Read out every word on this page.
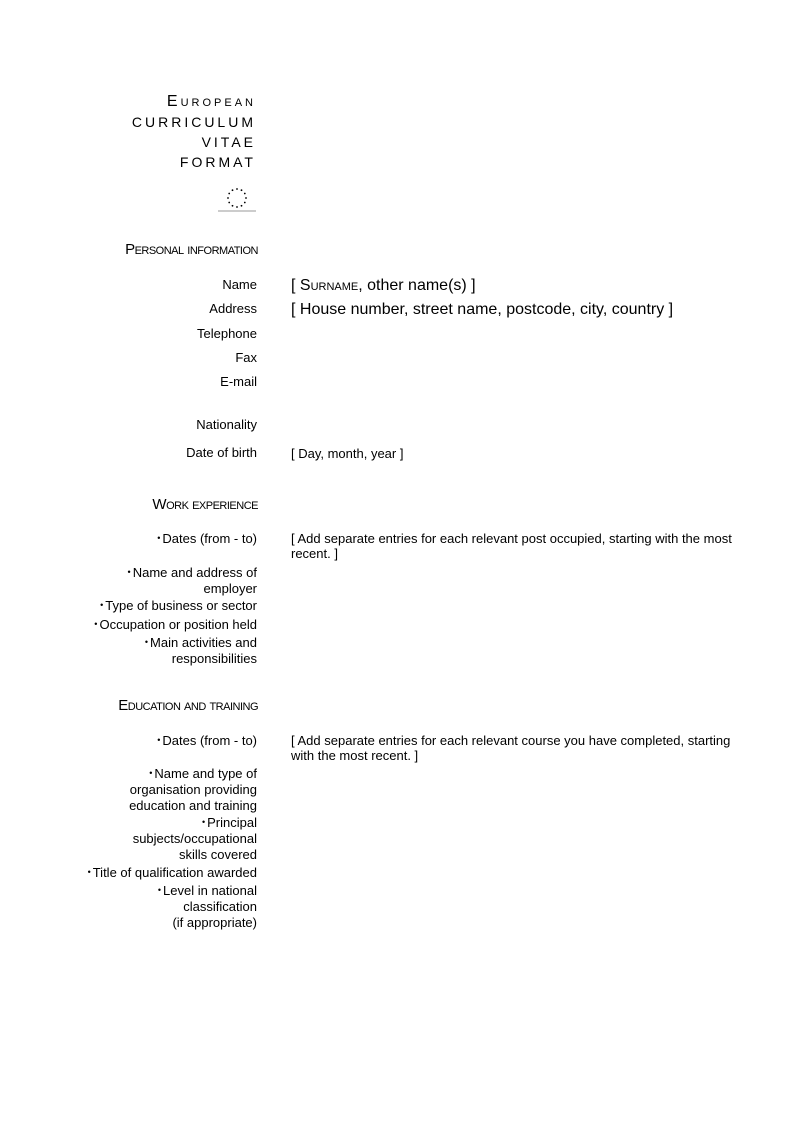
European
CURRICULUM
VITAE
FORMAT
Personal information
Name [ Surname, other name(s) ]
Address [ House number, street name, postcode, city, country ]
Telephone
Fax
E-mail
Nationality
Date of birth	[ Day, month, year ]
Work experience
• Dates (from - to)	[ Add separate entries for each relevant post occupied, starting with the most recent. ]
• Name and address of
employer
• Type of business or sector
• Occupation or position held
• Main activities and
responsibilities
Education and training
• Dates (from - to)	[ Add separate entries for each relevant course you have completed, starting with the most recent. ]
• Name and type of
organisation providing
education and training
• Principal
subjects/occupational
skills covered
• Title of qualification awarded
• Level in national
classification
(if appropriate)
